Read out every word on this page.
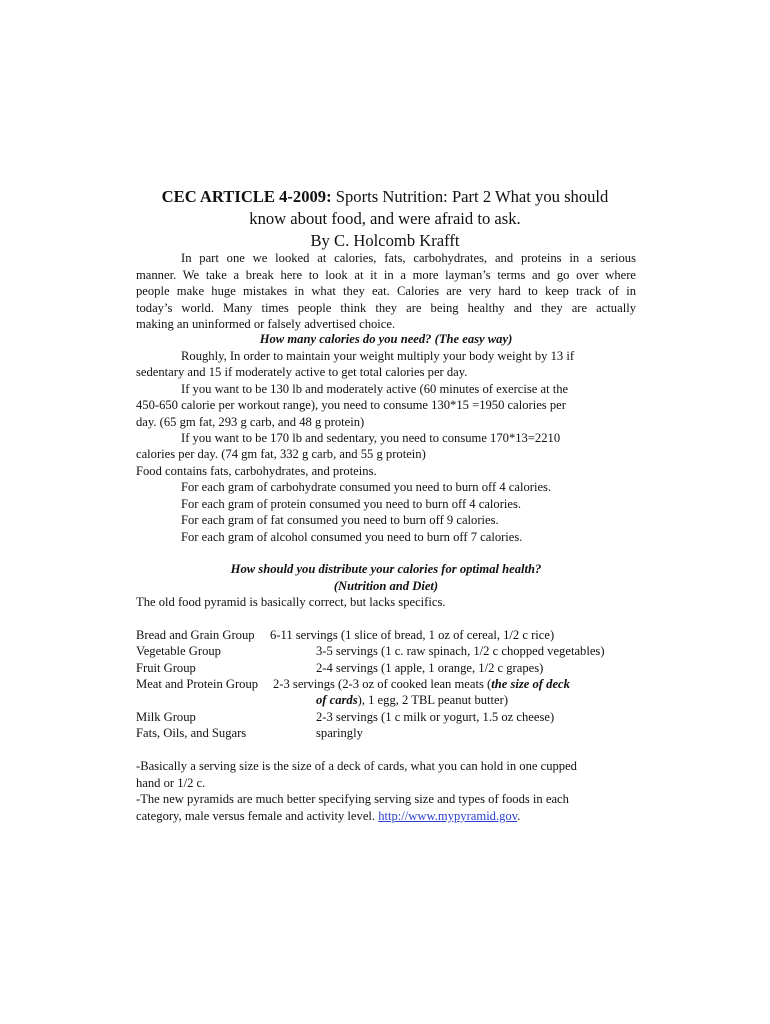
CEC ARTICLE 4-2009: Sports Nutrition: Part 2 What you should
know about food, and were afraid to ask.
By C. Holcomb Krafft
In part one we looked at calories, fats, carbohydrates, and proteins in a serious
manner. We take a break here to look at it in a more layman’s terms and go over where
people make huge mistakes in what they eat. Calories are very hard to keep track of in
today’s world. Many times people think they are being healthy and they are actually
making an uninformed or falsely advertised choice.
How many calories do you need? (The easy way)
Roughly, In order to maintain your weight multiply your body weight by 13 if
sedentary and 15 if moderately active to get total calories per day.
If you want to be 130 lb and moderately active (60 minutes of exercise at the
450-650 calorie per workout range), you need to consume 130*15 =1950 calories per
day. (65 gm fat, 293 g carb, and 48 g protein)
If you want to be 170 lb and sedentary, you need to consume 170*13=2210
calories per day. (74 gm fat, 332 g carb, and 55 g protein)
Food contains fats, carbohydrates, and proteins.
For each gram of carbohydrate consumed you need to burn off 4 calories.
For each gram of protein consumed you need to burn off 4 calories.
For each gram of fat consumed you need to burn off 9 calories.
For each gram of alcohol consumed you need to burn off 7 calories.
How should you distribute your calories for optimal health?
(Nutrition and Diet)
The old food pyramid is basically correct, but lacks specifics.
Bread and Grain Group	6-11 servings (1 slice of bread, 1 oz of cereal, 1/2 c rice)
Vegetable Group	3-5 servings (1 c. raw spinach, 1/2 c chopped vegetables)
Fruit Group	2-4 servings (1 apple, 1 orange, 1/2 c grapes)
Meat and Protein Group	2-3 servings (2-3 oz of cooked lean meats (the size of deck
of cards), 1 egg, 2 TBL peanut butter)
Milk Group	2-3 servings (1 c milk or yogurt, 1.5 oz cheese)
Fats, Oils, and Sugars	sparingly
-Basically a serving size is the size of a deck of cards, what you can hold in one cupped
hand or 1/2 c.
-The new pyramids are much better specifying serving size and types of foods in each
category, male versus female and activity level. http://www.mypyramid.gov.
